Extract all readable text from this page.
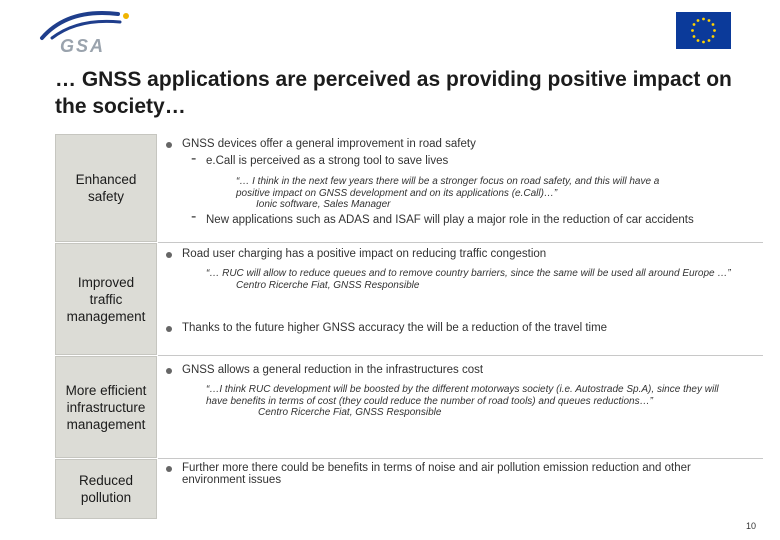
GSA
… GNSS applications are perceived as providing positive impact on the society…
Enhanced safety
GNSS devices offer a general improvement in road safety
- e.Call is perceived as a strong tool to save lives
“… I think in the next few years there will be a stronger focus on road safety, and this will have a positive impact on GNSS development and on its applications (e.Call)…”
Ionic software, Sales Manager
- New applications such as ADAS and ISAF will play a major role in the reduction of car accidents
Improved traffic management
Road user charging has a positive impact on reducing traffic congestion
“… RUC will allow to reduce queues and to remove country barriers, since the same will be used all around Europe …”
Centro Ricerche Fiat, GNSS Responsible
Thanks to the future higher GNSS accuracy the will be a reduction of the travel time
More efficient infrastructure management
GNSS allows a general reduction in the infrastructures cost
“…I think RUC development will be boosted by the different motorways society (i.e. Autostrade Sp.A), since they will have benefits in terms of cost (they could reduce the number of road tools) and queues reductions…”
Centro Ricerche Fiat, GNSS Responsible
Reduced pollution
Further more there could be benefits in terms of noise and air pollution emission reduction and other environment issues
10
